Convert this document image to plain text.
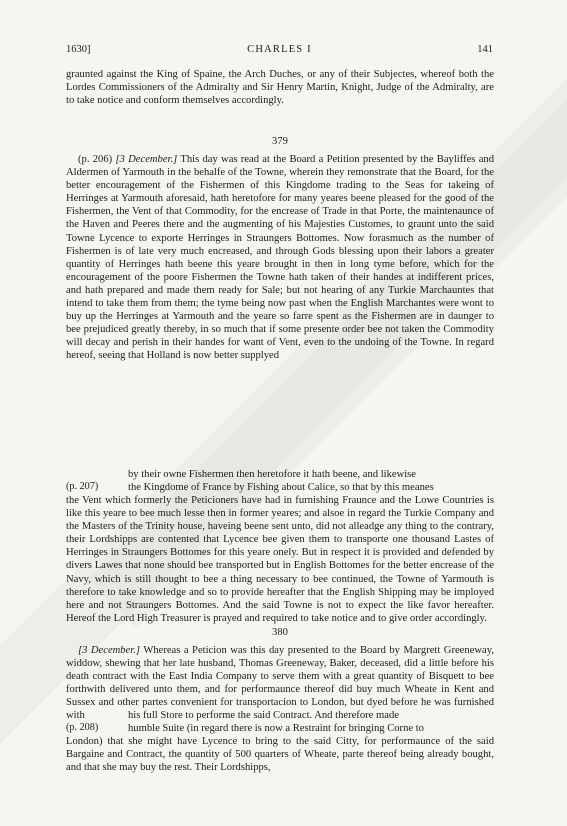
1630]	CHARLES I	141

graunted against the King of Spaine, the Arch Duches, or any of their Subjectes, whereof both the Lordes Commissioners of the Admiralty and Sir Henry Martin, Knight, Judge of the Admiralty, are to take notice and conform themselves accordingly.

379

(p. 206) [3 December.] This day was read at the Board a Petition presented by the Bayliffes and Aldermen of Yarmouth in the behalfe of the Towne, wherein they remonstrate that the Board, for the better encouragement of the Fishermen of this Kingdome trading to the Seas for takeing of Herringes at Yarmouth aforesaid, hath heretofore for many yeares beene pleased for the good of the Fishermen, the Vent of that Commodity, for the encrease of Trade in that Porte, the maintenaunce of the Haven and Peeres there and the augmenting of his Majesties Customes, to graunt unto the said Towne Lycence to exporte Herringes in Straungers Bottomes. Now forasmuch as the number of Fishermen is of late very much encreased, and through Gods blessing upon their labors a greater quantity of Herringes hath beene this yeare brought in then in long tyme before, which for the encouragement of the poore Fishermen the Towne hath taken of their handes at indifferent prices, and hath prepared and made them ready for Sale; but not hearing of any Turkie Marchauntes that intend to take them from them; the tyme being now past when the English Marchantes were wont to buy up the Herringes at Yarmouth and the yeare so farre spent as the Fishermen are in daunger to bee prejudiced greatly thereby, in so much that if some presente order bee not taken the Commodity will decay and perish in their handes for want of Vent, even to the undoing of the Towne. In regard hereof, seeing that Holland is now better supplyed

by their owne Fishermen then heretofore it hath beene, and likewise

(p. 207)	the Kingdome of France by Fishing about Calice, so that by this meanes

the Vent which formerly the Peticioners have had in furnishing Fraunce and the Lowe Countries is like this yeare to bee much lesse then in former yeares; and alsoe in regard the Turkie Company and the Masters of the Trinity house, haveing beene sent unto, did not alleadge any thing to the contrary, their Lordshipps are contented that Lycence bee given them to transporte one thousand Lastes of Herringes in Straungers Bottomes for this yeare onely. But in respect it is provided and defended by divers Lawes that none should bee transported but in English Bottomes for the better encrease of the Navy, which is still thought to bee a thing necessary to bee continued, the Towne of Yarmouth is therefore to take knowledge and so to provide hereafter that the English Shipping may be imployed here and not Straungers Bottomes. And the said Towne is not to expect the like favor hereafter. Hereof the Lord High Treasurer is prayed and required to take notice and to give order accordingly.

380

[3 December.] Whereas a Peticion was this day presented to the Board by Margrett Greeneway, widdow, shewing that her late husband, Thomas Greeneway, Baker, deceased, did a little before his death contract with the East India Company to serve them with a great quantity of Bisquett to bee forthwith delivered unto them, and for performaunce thereof did buy much Wheate in Kent and Sussex and other partes convenient for transportacion to London, but dyed before he was furnished with	his full Store to performe the said Contract. And therefore made

(p. 208)	humble Suite (in regard there is now a Restraint for bringing Corne to

London) that she might have Lycence to bring to the said Citty, for performaunce of the said Bargaine and Contract, the quantity of 500 quarters of Wheate, parte thereof being already bought, and that she may buy the rest. Their Lordshipps,
